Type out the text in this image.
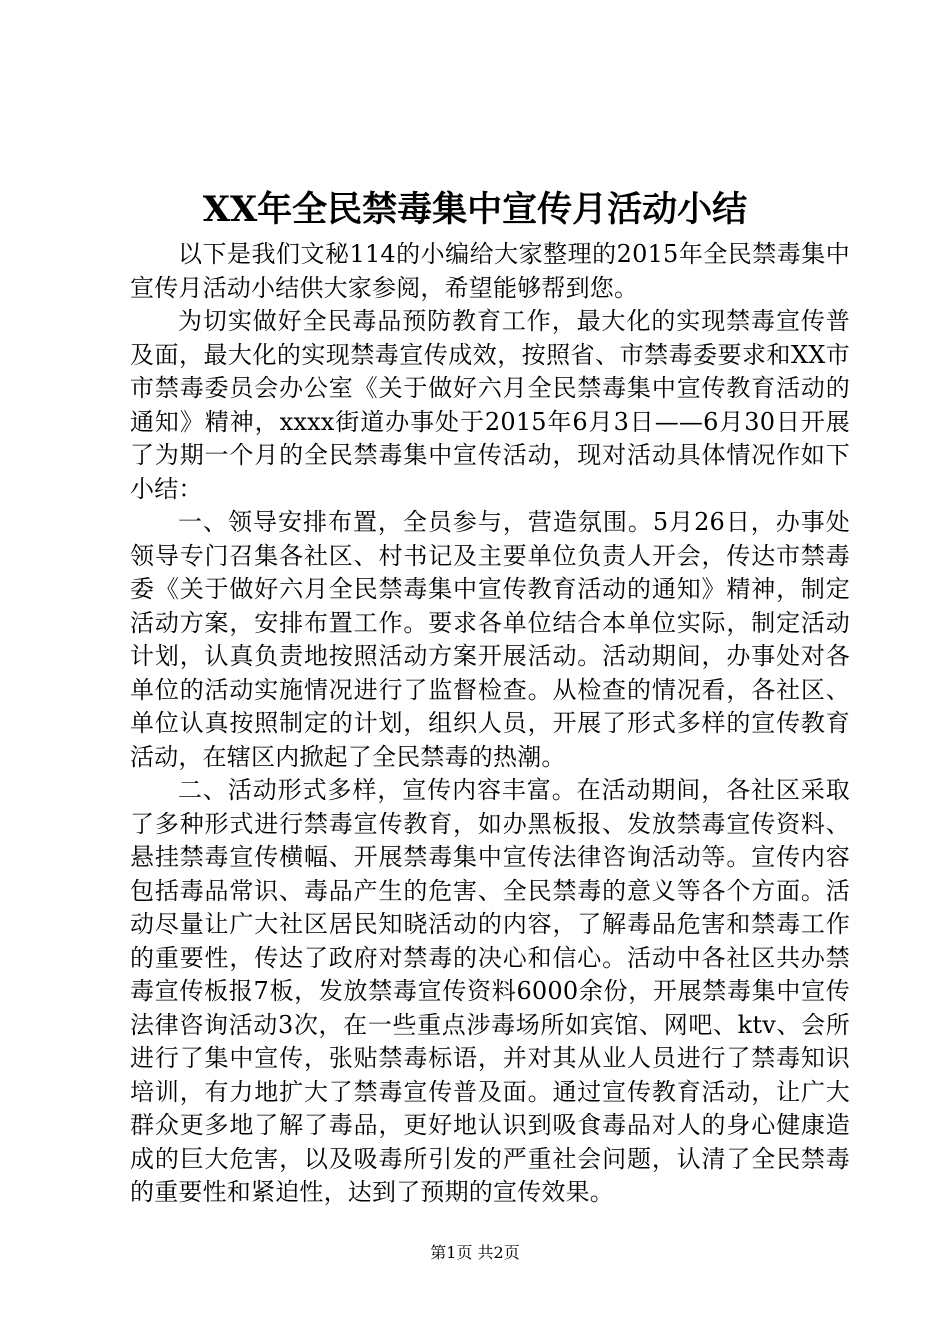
XX年全民禁毒集中宣传月活动小结

以下是我们文秘114的小编给大家整理的2015年全民禁毒集中宣传月活动小结供大家参阅，希望能够帮到您。

为切实做好全民毒品预防教育工作，最大化的实现禁毒宣传普及面，最大化的实现禁毒宣传成效，按照省、市禁毒委要求和XX市市禁毒委员会办公室《关于做好六月全民禁毒集中宣传教育活动的通知》精神，xxxx街道办事处于2015年6月3日——6月30日开展了为期一个月的全民禁毒集中宣传活动，现对活动具体情况作如下小结：

一、领导安排布置，全员参与，营造氛围。5月26日，办事处领导专门召集各社区、村书记及主要单位负责人开会，传达市禁毒委《关于做好六月全民禁毒集中宣传教育活动的通知》精神，制定活动方案，安排布置工作。要求各单位结合本单位实际，制定活动计划，认真负责地按照活动方案开展活动。活动期间，办事处对各单位的活动实施情况进行了监督检查。从检查的情况看，各社区、单位认真按照制定的计划，组织人员，开展了形式多样的宣传教育活动，在辖区内掀起了全民禁毒的热潮。

二、活动形式多样，宣传内容丰富。在活动期间，各社区采取了多种形式进行禁毒宣传教育，如办黑板报、发放禁毒宣传资料、悬挂禁毒宣传横幅、开展禁毒集中宣传法律咨询活动等。宣传内容包括毒品常识、毒品产生的危害、全民禁毒的意义等各个方面。活动尽量让广大社区居民知晓活动的内容，了解毒品危害和禁毒工作的重要性，传达了政府对禁毒的决心和信心。活动中各社区共办禁毒宣传板报7板，发放禁毒宣传资料6000余份，开展禁毒集中宣传法律咨询活动3次，在一些重点涉毒场所如宾馆、网吧、ktv、会所进行了集中宣传，张贴禁毒标语，并对其从业人员进行了禁毒知识培训，有力地扩大了禁毒宣传普及面。通过宣传教育活动，让广大群众更多地了解了毒品，更好地认识到吸食毒品对人的身心健康造成的巨大危害，以及吸毒所引发的严重社会问题，认清了全民禁毒的重要性和紧迫性，达到了预期的宣传效果。

第1页 共2页
